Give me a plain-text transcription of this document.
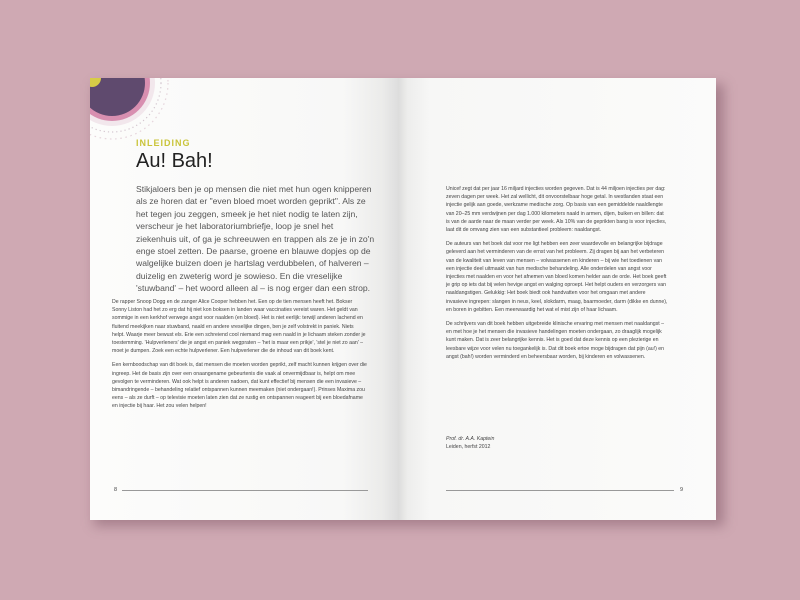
INLEIDING
Au! Bah!
Stikjaloers ben je op mensen die niet met hun ogen knipperen als ze horen dat er "even bloed moet worden geprikt". Als ze het tegen jou zeggen, smeek je het niet nodig te laten zijn, verscheur je het laboratoriumbriefje, loop je snel het ziekenhuis uit, of ga je schreeuwen en trappen als ze je in zo'n enge stoel zetten. De paarse, groene en blauwe dopjes op de walgelijke buizen doen je hartslag verdubbelen, of halveren – duizelig en zweterig word je sowieso. En die vreselijke 'stuwband' – het woord alleen al – is nog erger dan een strop.

De rapper Snoop Dogg en de zanger Alice Cooper hebben het. Een op de tien mensen heeft het. Bokser Sonny Liston had het zo erg dat hij niet kon boksen in landen waar vaccinaties vereist waren. Het geldt van sommige in een kerkhof verwege angst voor naalden (en bloed). Het is niet eerlijk: terwijl anderen lachend en fluitend meekijken naar stuwband, naald en andere vreselijke dingen, ben je zelf volstrekt in paniek. Niets helpt. Waarje meer bewust els. Erie een schreiend cool niemand mag een naald in je lichaam steken zonder je toestemming. 'Hulpverleners' die je angst en paniek wegpraten – 'het is maar een prikje', 'stel je niet zo aan' – moet je dumpen. Zoek een echte hulpverlener. Een hulpverlener die de inhoud van dit boek kent.

Een kernboodschap van dit boek is, dat mensen die moeten worden geprikt, zelf macht kunnen krijgen over die ingreep. Het de basis zijn over een onaangename gebeurtenis die vaak al onvermijdbaar is, helpt om mee gevolgen te verminderen. Wat ook helpt is anderen nadoen, dat kunt effectief bij mensen die een invasieve – bimandringende – behandeling relatief ontspannen kunnen meemaken (niet ondergaan!). Prinses Maxima zou eens – als ze durft – op televisie moeten laten zien dat ze rustig en ontspannen reageert bij een bloedafname en injectie bij haar. Het zou velen helpen!

8

Unicef zegt dat per jaar 16 miljard injecties worden gegeven. Dat is 44 miljoen injecties per dag: zeven dagen per week. Het zal wellicht, dit onvoorstelbaar hoge getal. In westlanden staat een injectie gelijk aan goede, werkzame medische zorg. Op basis van een gemiddelde naaldlengte van 20–25 mm verdwijnen per dag 1.000 kilometers naald in armen, dijen, buiken en billen: dat is van de aarde naar de maan verder per week. Als 10% van de geprikten bang is voor injecties, laat dit de omvang zien van een substantieel probleem: naaldangst.

De auteurs van het boek dat voor me ligt hebben een zeer waardevolle en belangrijke bijdrage geleverd aan het verminderen van de ernst van het probleem. Zij dragen bij aan het verbeteren van de kwaliteit van leven van mensen – volwassenen en kinderen – bij wie het toedienen van een injectie deel uitmaakt van hun medische behandeling. Alle onderdelen van angst voor injecties met naalden en voor het afnemen van bloed komen helder aan de orde. Het boek geeft je grip op iets dat bij velen hevige angst en walging oproept. Het helpt ouders en verzorgers van naaldangstigen. Gelukkig: Het boek biedt ook handvatten voor het omgaan met andere invasieve ingrepen: slangen in neus, keel, slokdarm, maag, baarmoeder, darm (dikke en dunne), en boren in gebitten. Een meerwaardig het wat el mist zijn of haar lichaam.

De schrijvers van dit boek hebben uitgebreide klinische ervaring met mensen met naaldangst – en met hoe je het mensen die invasieve handelingen moeten ondergaan, zo draaglijk mogelijk kunt maken. Dat is zeer belangrijke kennis. Het is goed dat deze kennis op een plezierige en leesbare wijze voor velen nu toegankelijk is. Dat dit boek ertoe moge bijdragen dat pijn (au!) en angst (bah!) worden verminderd en beheersbaar worden, bij kinderen en volwassenen.

Prof. dr. A.A. Kaptein
Leiden, herfst 2012
9
